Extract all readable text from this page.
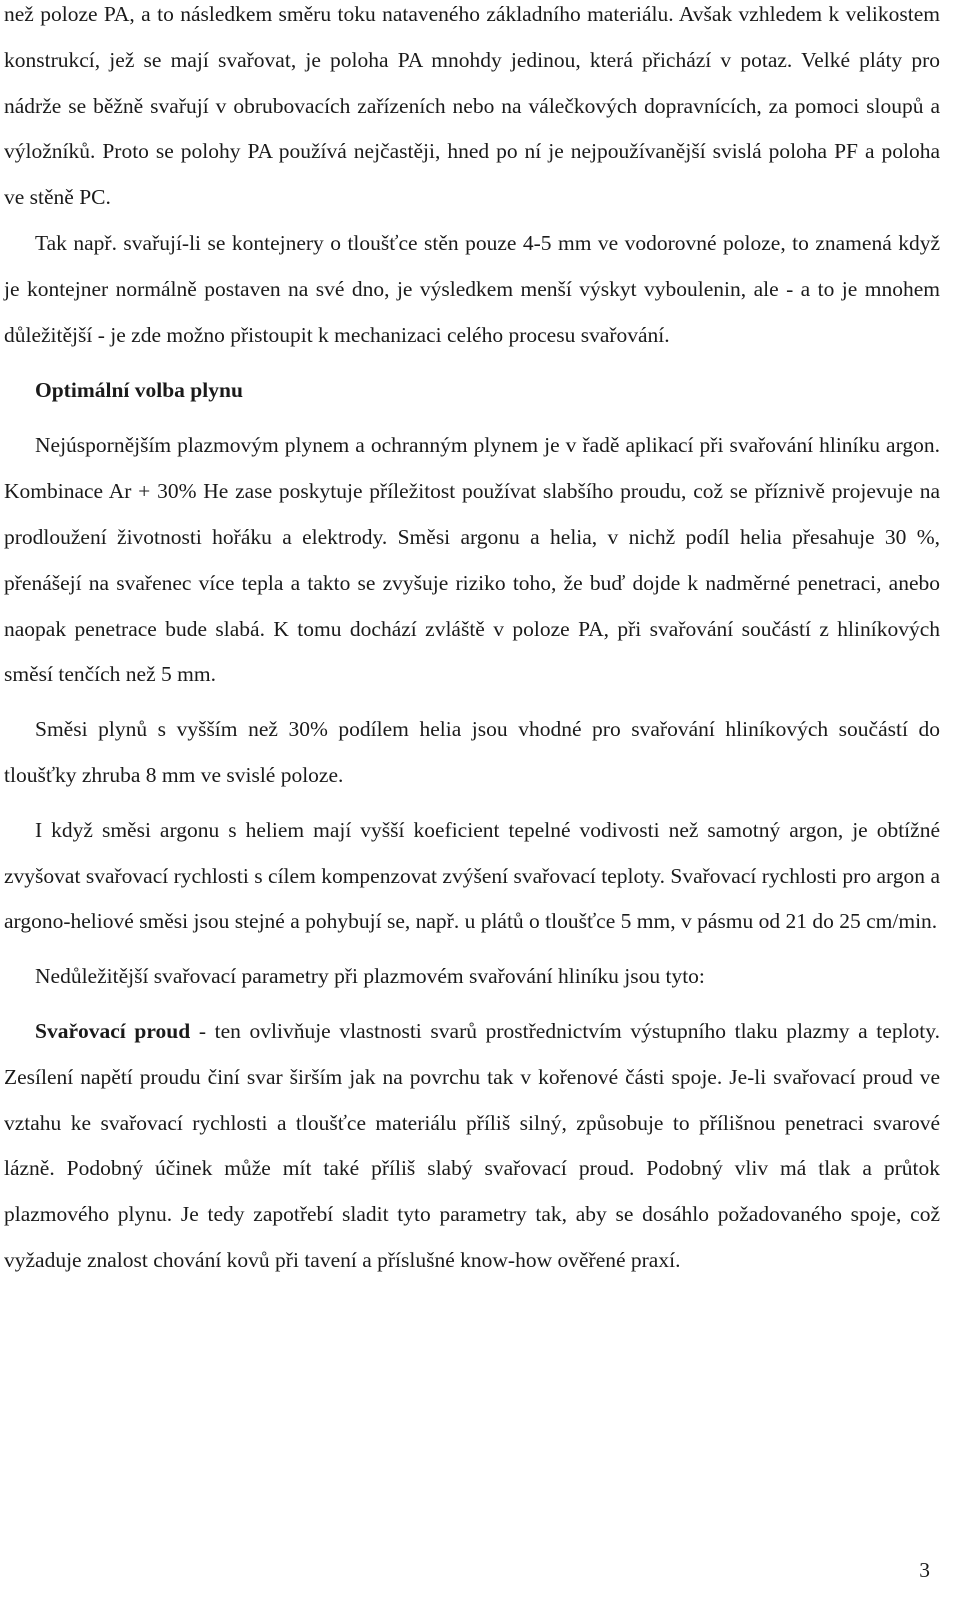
než poloze PA, a to následkem směru toku nataveného základního materiálu. Avšak vzhledem k velikostem konstrukcí, jež se mají svařovat, je poloha PA mnohdy jedinou, která přichází v potaz. Velké pláty pro nádrže se běžně svařují v obrubovacích zařízeních nebo na válečkových dopravnících, za pomoci sloupů a výložníků. Proto se polohy PA používá nejčastěji, hned po ní je nejpoužívanější svislá poloha PF a poloha ve stěně PC.

Tak např. svařují-li se kontejnery o tloušťce stěn pouze 4-5 mm ve vodorovné poloze, to znamená když je kontejner normálně postaven na své dno, je výsledkem menší výskyt vyboulenin, ale - a to je mnohem důležitější - je zde možno přistoupit k mechanizaci celého procesu svařování.

Optimální volba plynu

Nejúspornějším plazmovým plynem a ochranným plynem je v řadě aplikací při svařování hliníku argon. Kombinace Ar + 30% He zase poskytuje příležitost používat slabšího proudu, což se příznivě projevuje na prodloužení životnosti hořáku a elektrody. Směsi argonu a helia, v nichž podíl helia přesahuje 30 %, přenášejí na svařenec více tepla a takto se zvyšuje riziko toho, že buď dojde k nadměrné penetraci, anebo naopak penetrace bude slabá. K tomu dochází zvláště v poloze PA, při svařování součástí z hliníkových směsí tenčích než 5 mm.

Směsi plynů s vyšším než 30% podílem helia jsou vhodné pro svařování hliníkových součástí do tloušťky zhruba 8 mm ve svislé poloze.

I když směsi argonu s heliem mají vyšší koeficient tepelné vodivosti než samotný argon, je obtížné zvyšovat svařovací rychlosti s cílem kompenzovat zvýšení svařovací teploty. Svařovací rychlosti pro argon a argono-heliové směsi jsou stejné a pohybují se, např. u plátů o tloušťce 5 mm, v pásmu od 21 do 25 cm/min.

Nedůležitější svařovací parametry při plazmovém svařování hliníku jsou tyto:

Svařovací proud - ten ovlivňuje vlastnosti svarů prostřednictvím výstupního tlaku plazmy a teploty. Zesílení napětí proudu činí svar širším jak na povrchu tak v kořenové části spoje. Je-li svařovací proud ve vztahu ke svařovací rychlosti a tloušťce materiálu příliš silný, způsobuje to přílišnou penetraci svarové lázně. Podobný účinek může mít také příliš slabý svařovací proud. Podobný vliv má tlak a průtok plazmového plynu. Je tedy zapotřebí sladit tyto parametry tak, aby se dosáhlo požadovaného spoje, což vyžaduje znalost chování kovů při tavení a příslušné know-how ověřené praxí.

3
